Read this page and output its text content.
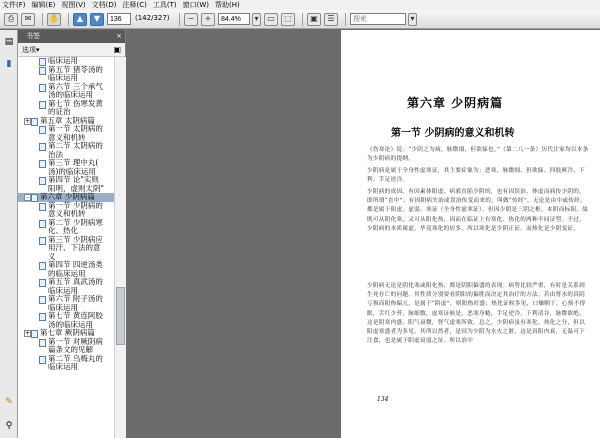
文件(F) 编辑(E) 视图(V) 文档(D) 注释(C) 工具(T) 窗口(W) 帮助(H)
⎙	✉	✋	▲	▼
136	(142/327)	−	+
84.4%	▾	▭	⬚	▣	☰
搜索	▾
▤
▮
✎
⚲
书签	×
选项▾	▣
临床运用
第五节 猪苓汤的
临床运用
第六节 三个承气
汤的临床运用
第七节 伤寒发黄
的证治
+ 第五章 太阴病篇
第一节 太阴病的
意义和机转
第二节 太阴病的
治法
第三节 理中丸(
汤)的临床运用
第四节 论"实则
阳明，虚则太阴"
-	第六章 少阴病篇
第一节 少阴病的
意义和机转
第二节 少阴病寒
化、热化
第三节 少阴病应
用汗、下法的意
义
第四节 四逆汤类
的临床运用
第五节 真武汤的
临床运用
第六节 附子汤的
临床运用
第七节 黄连阿胶
汤的临床运用
+ 第七章 厥阴病篇
第一节 对厥阴病
篇条文的见解
第二节 乌梅丸的
临床运用
第六章 少阴病篇
第一节 少阴病的意义和机转
《伤寒论》说：“少阴之为病，脉微细，但欲寐也。”（第二八一条）历代注家均以本条为少阴病的提纲。
少阴病是属于全身性虚寒证，其主要症象为：恶寒、脉微细、但欲寐、四肢厥冷、下利、手足逆冷。
少阴病的成因，有因素体阳虚、病邪直陷少阴的，也有因误治、体虚而病传少阴的，即所谓“直中”；有因阳病失治或误治传变而来的，叫做“传经”。无论是由中或传经，都是属于阳虚、虚弱、寒证（全身性虚寒证）。但因少阴是三阴之枢，本阴而标阳，故既可从阴化寒，又可从阳化热，因而在临证上有寒化、热化的两种不同证型。不过，少阴病的本质属虚，毕竟寒化的居多，所以寒化是少阴正证，而热化是少阴变证。
少阴病无论是阴化寒或阳化热，都是阴阳偏盛的表现。病势比较严重，有时是关系到生死存亡的问题。其性质分别要看阴阳的偏胜而决定其治疗的方法。若由肾水的真阴亏损而阳热偏亢，是属于“阴虚”，则阳热旺盛；热化证候多见，口燥咽干，心烦不得眠，舌红少苔，脉细数。虚寒证候是，恶寒身蜷，手足逆冷，下利清谷，脉微欲绝，这是阴寒内盛，阳气衰微，肾气虚寒所致。总之，少阴病虽有寒化、热化之分，但以阳虚寒盛者为多见，其所以然者，是因为少阴为水火之脏，这是真阳内衰，无温可下注食，也是属于阳虚衰弱之征。所以治中
134
